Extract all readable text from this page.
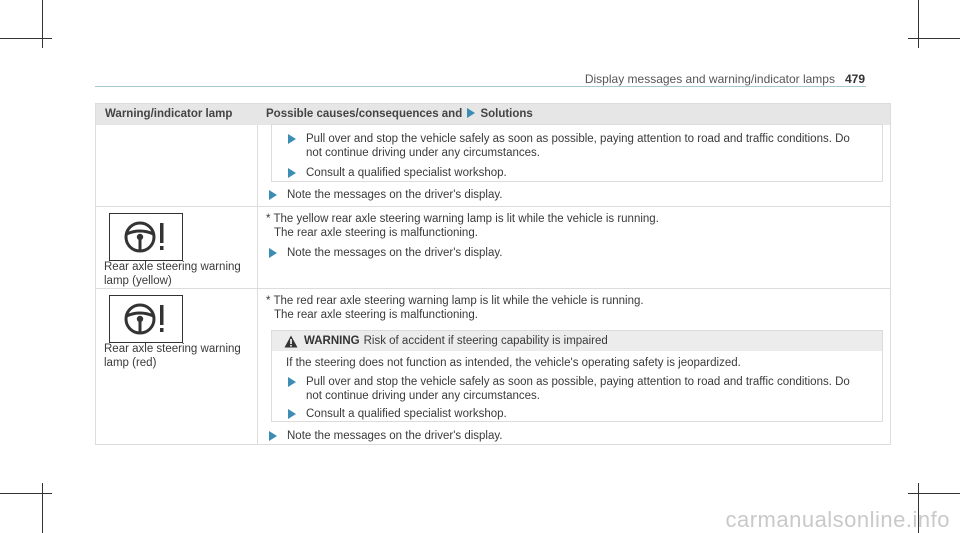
Display messages and warning/indicator lamps 479
Warning/indicator lamp	Possible causes/consequences and Solutions
Pull over and stop the vehicle safely as soon as possible, paying attention to road and traffic conditions. Do not continue driving under any circumstances.
Consult a qualified specialist workshop.
Note the messages on the driver's display.
Rear axle steering warning lamp (yellow)
* The yellow rear axle steering warning lamp is lit while the vehicle is running.
The rear axle steering is malfunctioning.
Note the messages on the driver's display.
Rear axle steering warning lamp (red)
* The red rear axle steering warning lamp is lit while the vehicle is running.
The rear axle steering is malfunctioning.
WARNING Risk of accident if steering capability is impaired
If the steering does not function as intended, the vehicle's operating safety is jeopardized.
Pull over and stop the vehicle safely as soon as possible, paying attention to road and traffic conditions. Do not continue driving under any circumstances.
Consult a qualified specialist workshop.
Note the messages on the driver's display.
carmanualsonline.info
